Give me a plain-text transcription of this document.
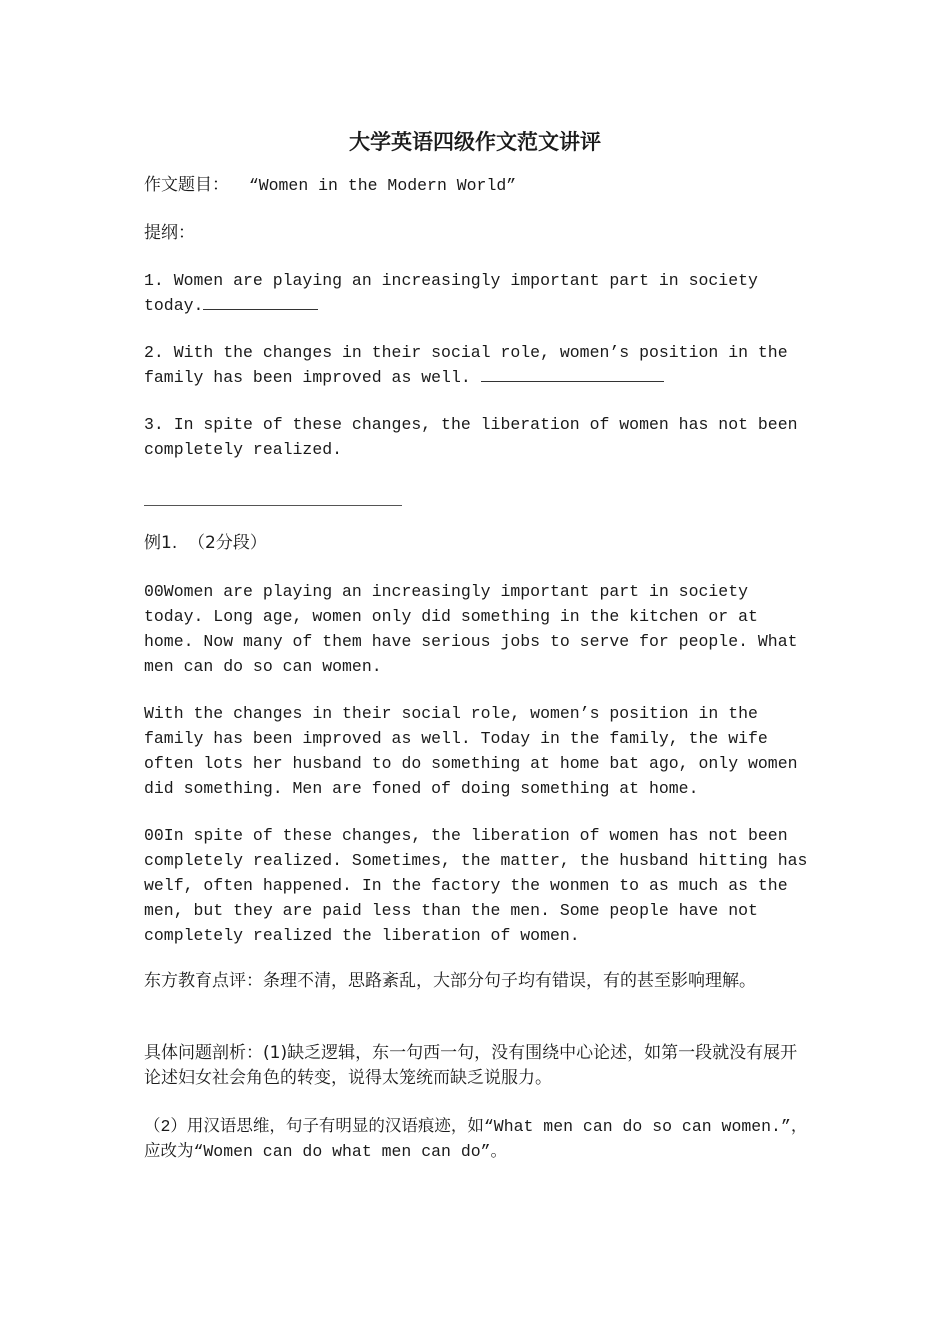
大学英语四级作文范文讲评
作文题目： “Women in the Modern World”
提纲：
1. Women are playing an increasingly important part in society today.
2. With the changes in their social role, women’s position in the family has been improved as well.
3. In spite of these changes, the liberation of women has not been completely realized.
例1.  （2分段）
00Women are playing an increasingly important part in society today. Long age, women only did something in the kitchen or at home. Now many of them have serious jobs to serve for people. What men can do so can women.
With the changes in their social role, women’s position in the family has been improved as well. Today in the family, the wife often lots her husband to do something at home bat ago, only women did something. Men are foned of doing something at home.
00In spite of these changes, the liberation of women has not been completely realized. Sometimes, the matter, the husband hitting has welf, often happened. In the factory the wonmen to as much as the men, but they are paid less than the men. Some people have not completely realized the liberation of women.
东方教育点评：条理不清，思路紊乱，大部分句子均有错误，有的甚至影响理解。
具体问题剖析：(1)缺乏逻辑，东一句西一句，没有围绕中心论述，如第一段就没有展开论述妇女社会角色的转变，说得太笼统而缺乏说服力。
（2）用汉语思维，句子有明显的汉语痕迹，如“What men can do so can women.”，应改为“Women can do what men can do”。
